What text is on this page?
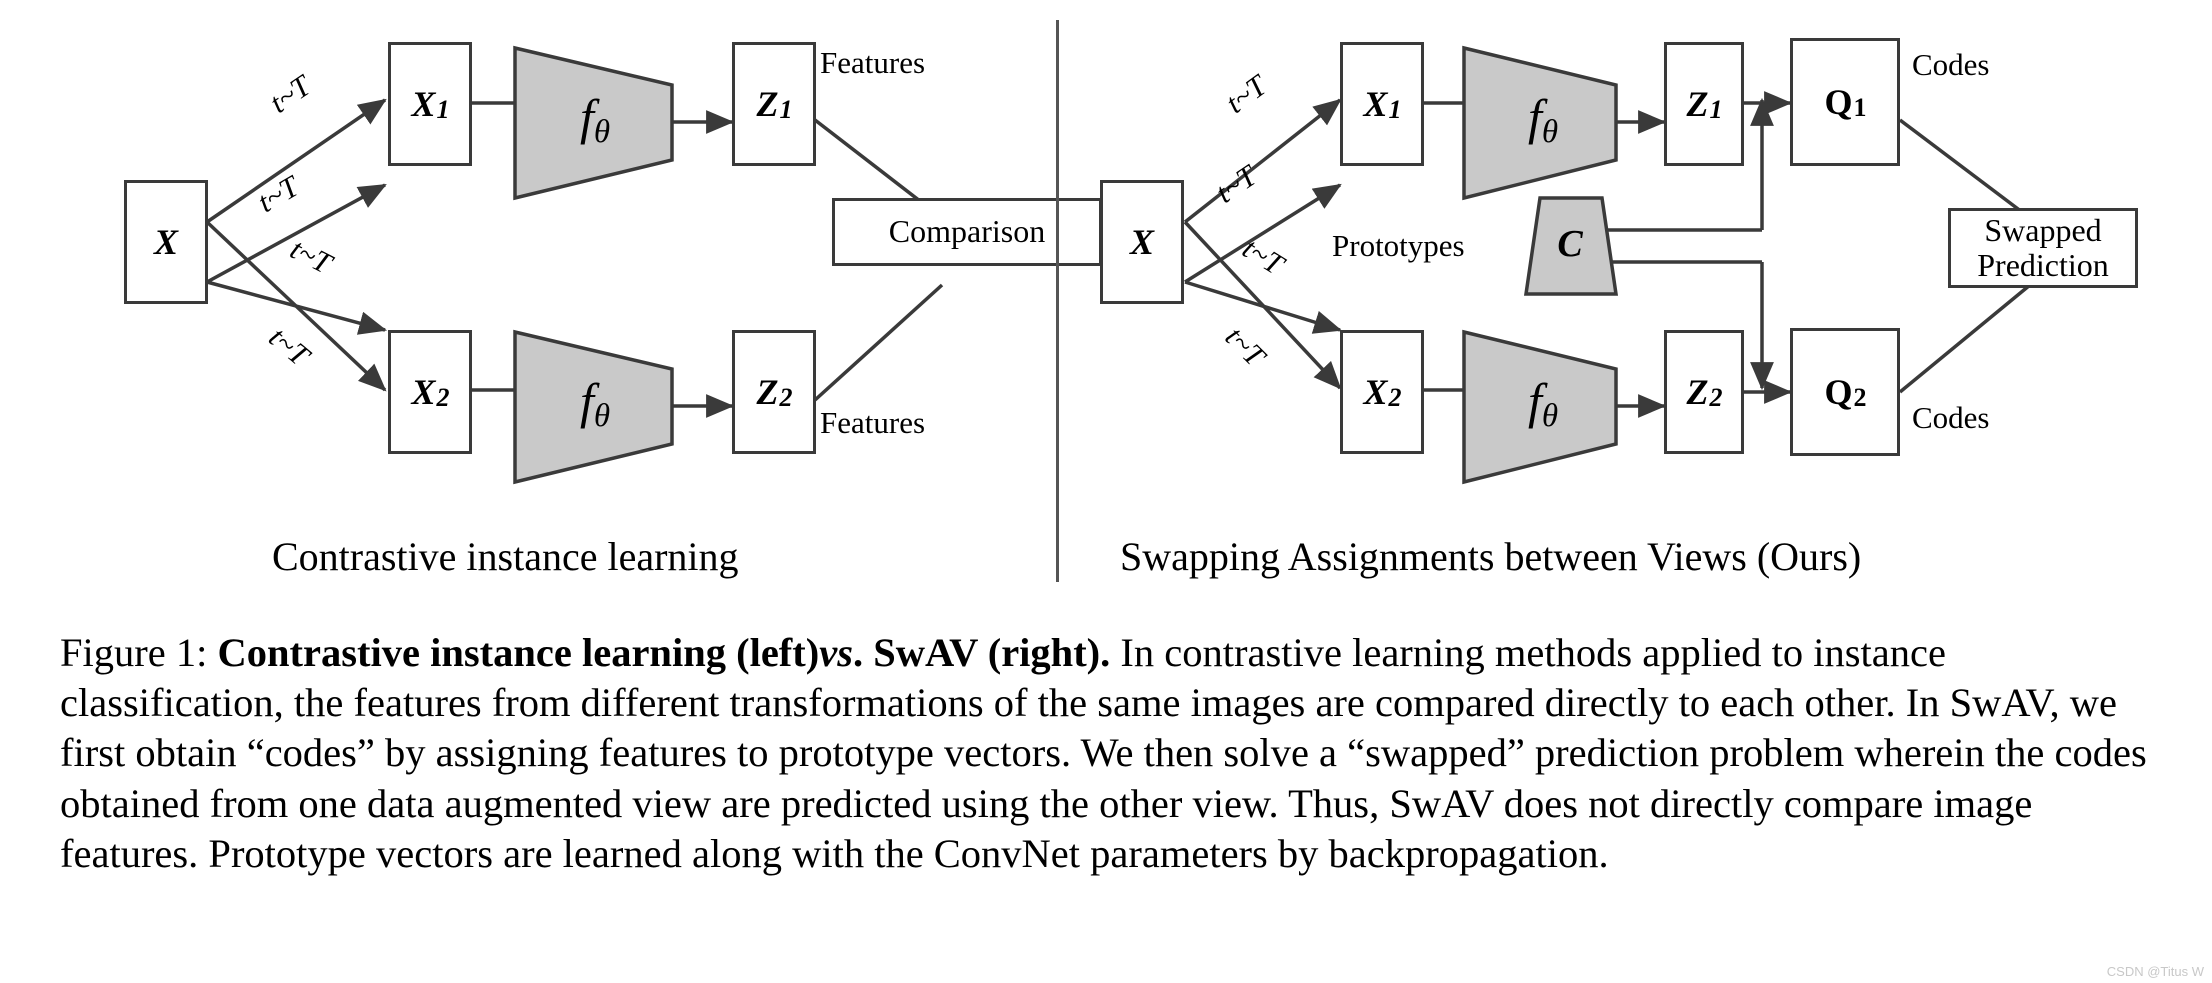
X
X 1
X 2
fθ
fθ
Z 1
Z 2
Features
Features
Comparison
t~T
t~T
t~T
t~T
Contrastive instance learning
X
X 1
X 2
fθ
fθ
Z 1
Z 2
Q 1
Q 2
Codes
Codes
C
Prototypes	Swapped Prediction
t~T
t~T
t~T
t~T
Swapping Assignments between Views (Ours)
Figure 1: Contrastive instance learning (left)vs. SwAV (right). In contrastive learning methods applied to instance classification, the features from different transformations of the same images are compared directly to each other. In SwAV, we first obtain “codes” by assigning features to prototype vectors. We then solve a “swapped” prediction problem wherein the codes obtained from one data augmented view are predicted using the other view. Thus, SwAV does not directly compare image features. Prototype vectors are learned along with the ConvNet parameters by backpropagation.
CSDN @Titus W
